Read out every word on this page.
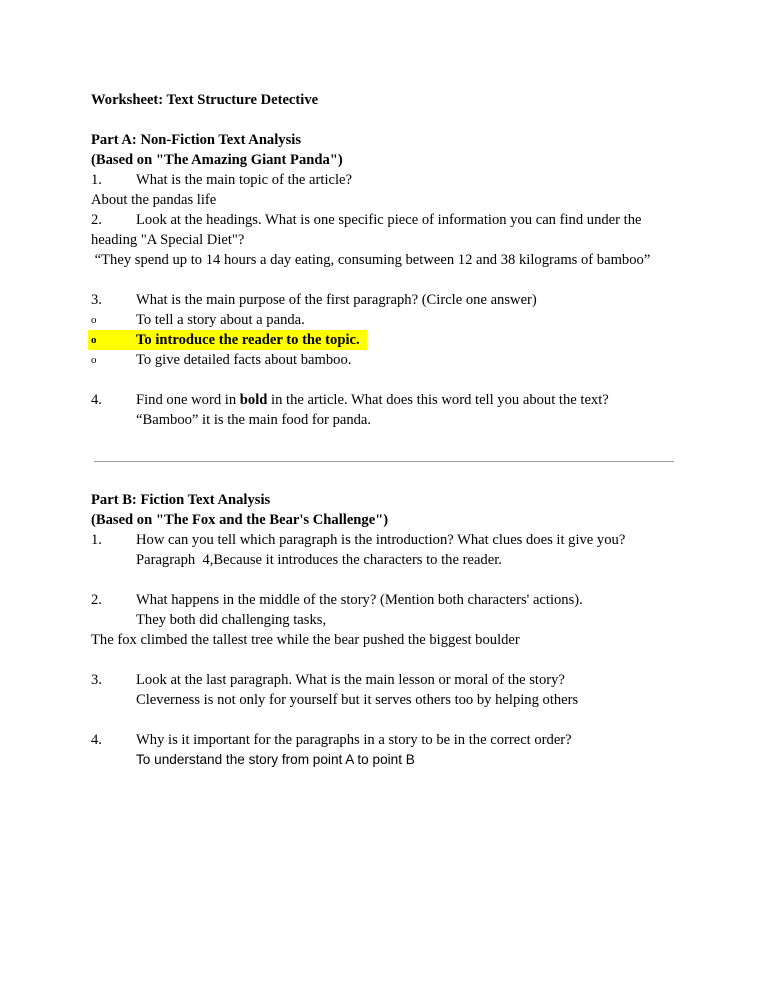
Worksheet: Text Structure Detective
Part A: Non-Fiction Text Analysis
(Based on "The Amazing Giant Panda")
1. What is the main topic of the article?
About the pandas life
2. Look at the headings. What is one specific piece of information you can find under the
heading "A Special Diet"?
“They spend up to 14 hours a day eating, consuming between 12 and 38 kilograms of bamboo”
3. What is the main purpose of the first paragraph? (Circle one answer)
o	To tell a story about a panda.
o	To introduce the reader to the topic.
o	To give detailed facts about bamboo.
4. Find one word in bold in the article. What does this word tell you about the text?
“Bamboo” it is the main food for panda.
Part B: Fiction Text Analysis
(Based on "The Fox and the Bear's Challenge")
1. How can you tell which paragraph is the introduction? What clues does it give you?
Paragraph  4,Because it introduces the characters to the reader.
2. What happens in the middle of the story? (Mention both characters' actions).
They both did challenging tasks,
The fox climbed the tallest tree while the bear pushed the biggest boulder
3. Look at the last paragraph. What is the main lesson or moral of the story?
Cleverness is not only for yourself but it serves others too by helping others
4. Why is it important for the paragraphs in a story to be in the correct order?
To understand the story from point A to point B
